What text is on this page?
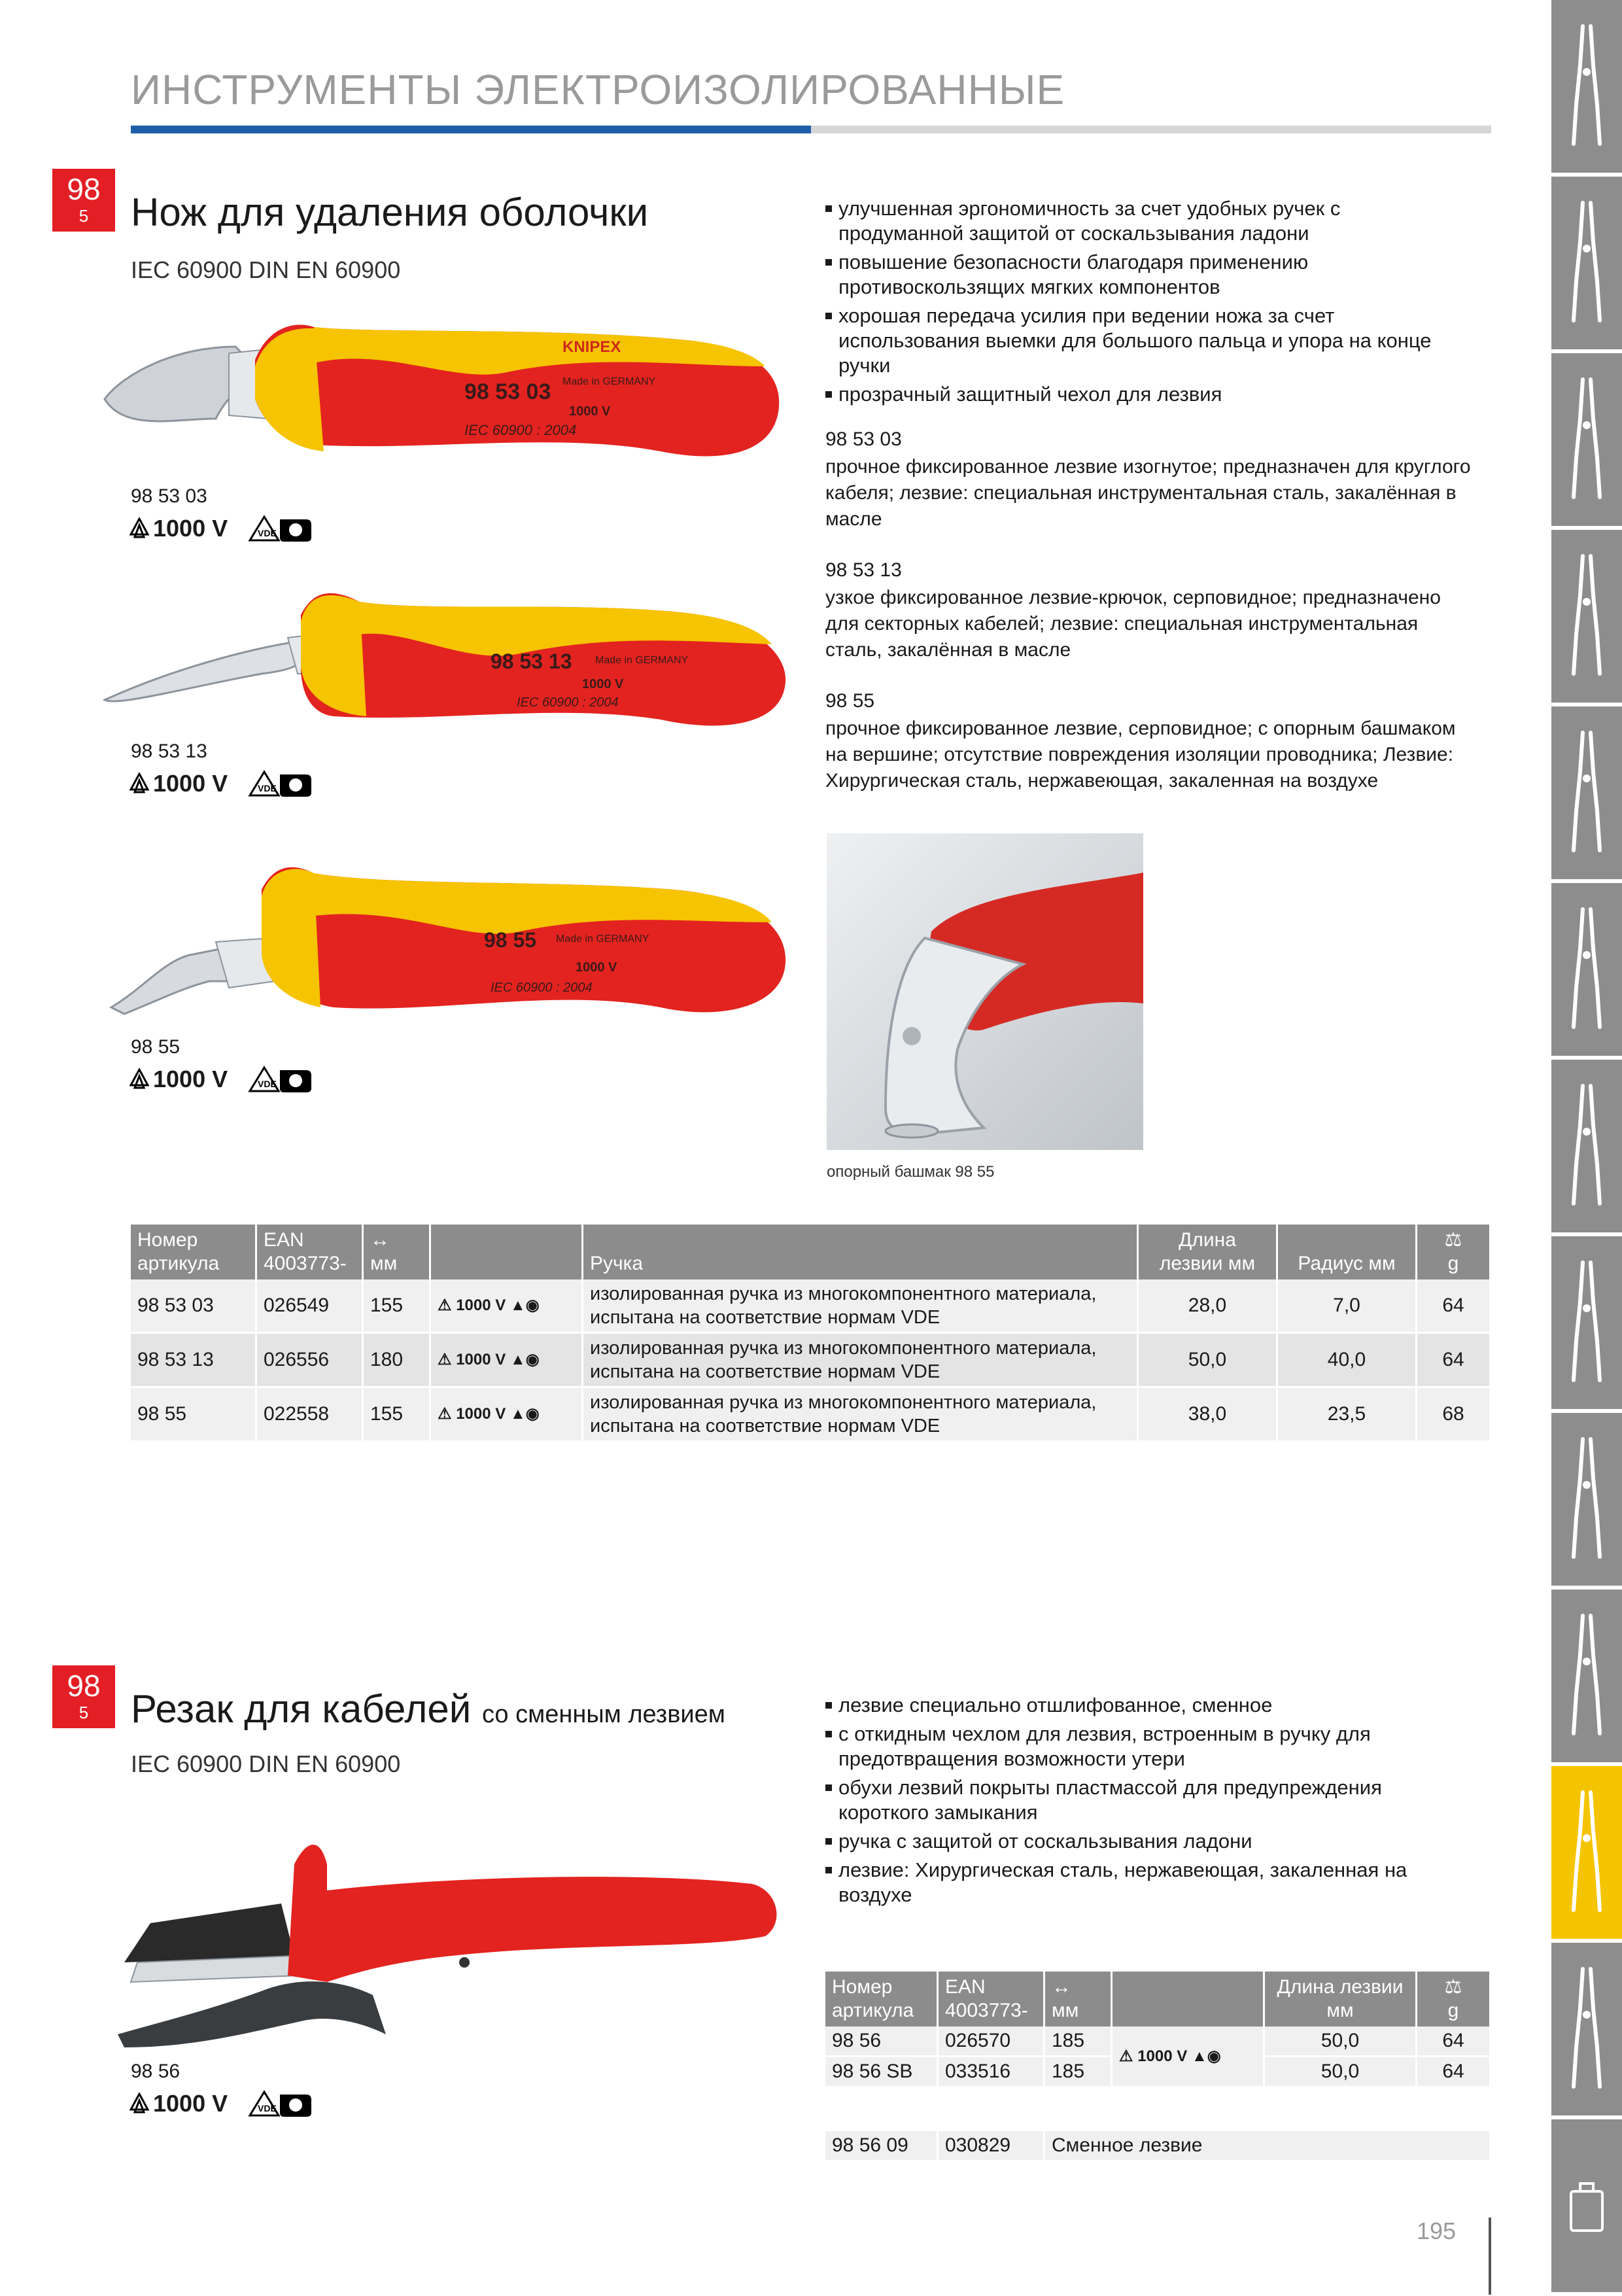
ИНСТРУМЕНТЫ ЭЛЕКТРОИЗОЛИРОВАННЫЕ
98
5	Нож для удаления оболочки
IEC 60900 DIN EN 60900
98 53 03 Made in GERMANY
1000 V
IEC 60900 : 2004
KNIPEX
98 53 03
1000 V	VDE
98 53 13 Made in GERMANY
1000 V
IEC 60900 : 2004
98 53 13
1000 V	VDE
98 55 Made in GERMANY
1000 V
IEC 60900 : 2004
98 55
1000 V	VDE
улучшенная эргономичность за счет удобных ручек с продуманной защитой от соскальзывания ладони
повышение безопасности благодаря применению противоскользящих мягких компонентов
хорошая передача усилия при ведении ножа за счет использования выемки для большого пальца и упора на конце ручки
прозрачный защитный чехол для лезвия
98 53 03
прочное фиксированное лезвие изогнутое; предназначен для круглого кабеля; лезвие: специальная инструментальная сталь, закалённая в масле
98 53 13
узкое фиксированное лезвие-крючок, серповидное; предназначено для секторных кабелей; лезвие: специальная инструментальная сталь, закалённая в масле
98 55
прочное фиксированное лезвие, серповидное; с опорным башмаком на вершине; отсутствие повреждения изоляции проводника; Лезвие: Хирургическая сталь, нержавеющая, закаленная на воздухе
опорный башмак 98 55
Номер артикула	EAN 4003773-	↔
мм		Ручка	Длина лезвии мм	Радиус мм	⚖
g
98 53 03	026549	155	⚠ 1000 V ▲◉	изолированная ручка из многокомпонентного материала, испытана на соответствие нормам VDE	28,0	7,0	64
98 53 13	026556	180	⚠ 1000 V ▲◉	изолированная ручка из многокомпонентного материала, испытана на соответствие нормам VDE	50,0	40,0	64
98 55	022558	155	⚠ 1000 V ▲◉	изолированная ручка из многокомпонентного материала, испытана на соответствие нормам VDE	38,0	23,5	68
98
5	Резак для кабелей со сменным лезвием
IEC 60900 DIN EN 60900
98 56
1000 V	VDE
лезвие специально отшлифованное, сменное
с откидным чехлом для лезвия, встроенным в ручку для предотвращения возможности утери
обухи лезвий покрыты пластмассой для предупреждения короткого замыкания
ручка с защитой от соскальзывания ладони
лезвие: Хирургическая сталь, нержавеющая, закаленная на воздухе
Номер артикула	EAN 4003773-	↔
мм		Длина лезвии мм	⚖
g
98 56	026570	185	⚠ 1000 V ▲◉	50,0	64
98 56 SB	033516	185		50,0	64
98 56 09	030829	Сменное лезвие
195
